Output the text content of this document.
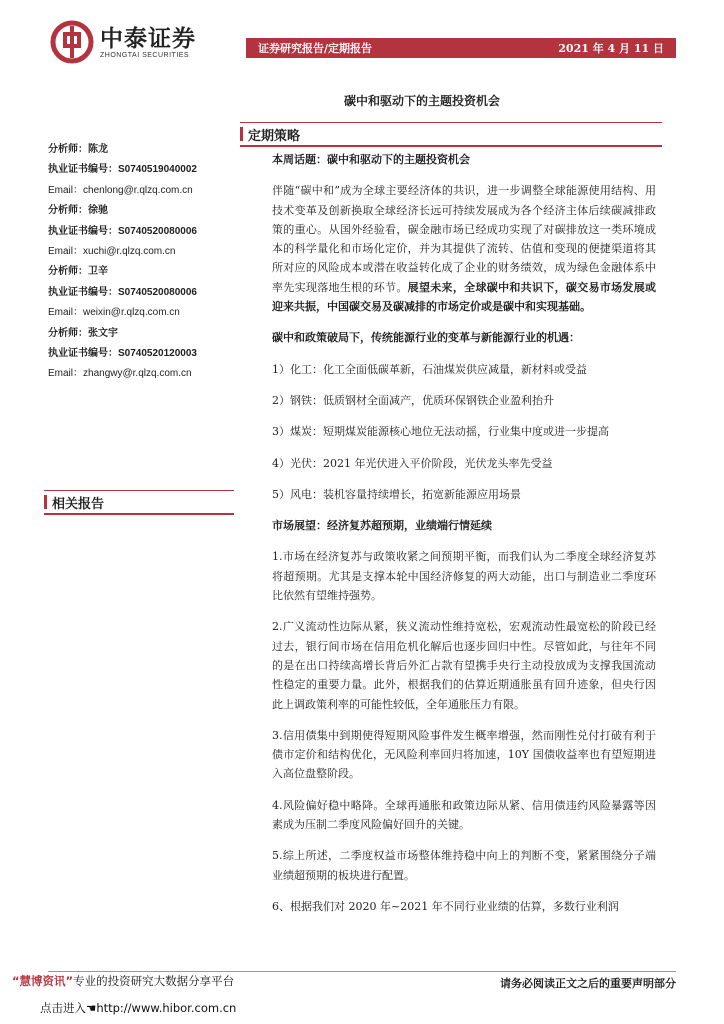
中泰证券
ZHONGTAI SECURITIES	证券研究报告/定期报告	2021 年 4 月 11 日
碳中和驱动下的主题投资机会
定期策略
相关报告
分析师：陈龙
执业证书编号：S0740519040002
Email：chenlong@r.qlzq.com.cn
分析师：徐驰
执业证书编号：S0740520080006
Email：xuchi@r.qlzq.com.cn
分析师：卫辛
执业证书编号：S0740520080006
Email：weixin@r.qlzq.com.cn
分析师：张文宇
执业证书编号：S0740520120003
Email：zhangwy@r.qlzq.com.cn

本周话题：碳中和驱动下的主题投资机会

伴随“碳中和”成为全球主要经济体的共识，进一步调整全球能源使用结构、用技术变革及创新换取全球经济长远可持续发展成为各个经济主体后续碳减排政策的重心。从国外经验看，碳金融市场已经成功实现了对碳排放这一类环境成本的科学量化和市场化定价，并为其提供了流转、估值和变现的便捷渠道将其所对应的风险成本或潜在收益转化成了企业的财务绩效，成为绿色金融体系中率先实现落地生根的环节。展望未来，全球碳中和共识下，碳交易市场发展或迎来共振，中国碳交易及碳减排的市场定价或是碳中和实现基础。

碳中和政策破局下，传统能源行业的变革与新能源行业的机遇：

1）化工：化工全面低碳革新，石油煤炭供应减量，新材料或受益

2）钢铁：低质钢材全面减产，优质环保钢铁企业盈利抬升

3）煤炭：短期煤炭能源核心地位无法动摇，行业集中度或进一步提高

4）光伏：2021 年光伏进入平价阶段，光伏龙头率先受益

5）风电：装机容量持续增长，拓宽新能源应用场景

市场展望：经济复苏超预期，业绩端行情延续

1.市场在经济复苏与政策收紧之间预期平衡，而我们认为二季度全球经济复苏将超预期。尤其是支撑本轮中国经济修复的两大动能，出口与制造业二季度环比依然有望维持强势。

2.广义流动性边际从紧，狭义流动性维持宽松，宏观流动性最宽松的阶段已经过去，银行间市场在信用危机化解后也逐步回归中性。尽管如此，与往年不同的是在出口持续高增长背后外汇占款有望携手央行主动投放成为支撑我国流动性稳定的重要力量。此外，根据我们的估算近期通胀虽有回升迹象，但央行因此上调政策利率的可能性较低，全年通胀压力有限。

3.信用债集中到期使得短期风险事件发生概率增强，然而刚性兑付打破有利于债市定价和结构优化，无风险利率回归将加速，10Y 国债收益率也有望短期进入高位盘整阶段。

4.风险偏好稳中略降。全球再通胀和政策边际从紧、信用债违约风险暴露等因素成为压制二季度风险偏好回升的关键。

5.综上所述，二季度权益市场整体维持稳中向上的判断不变，紧紧围绕分子端业绩超预期的板块进行配置。

6、根据我们对 2020 年~2021 年不同行业业绩的估算，多数行业利润

“慧博资讯”专业的投资研究大数据分享平台
点击进入☚http://www.hibor.com.cn
请务必阅读正文之后的重要声明部分
